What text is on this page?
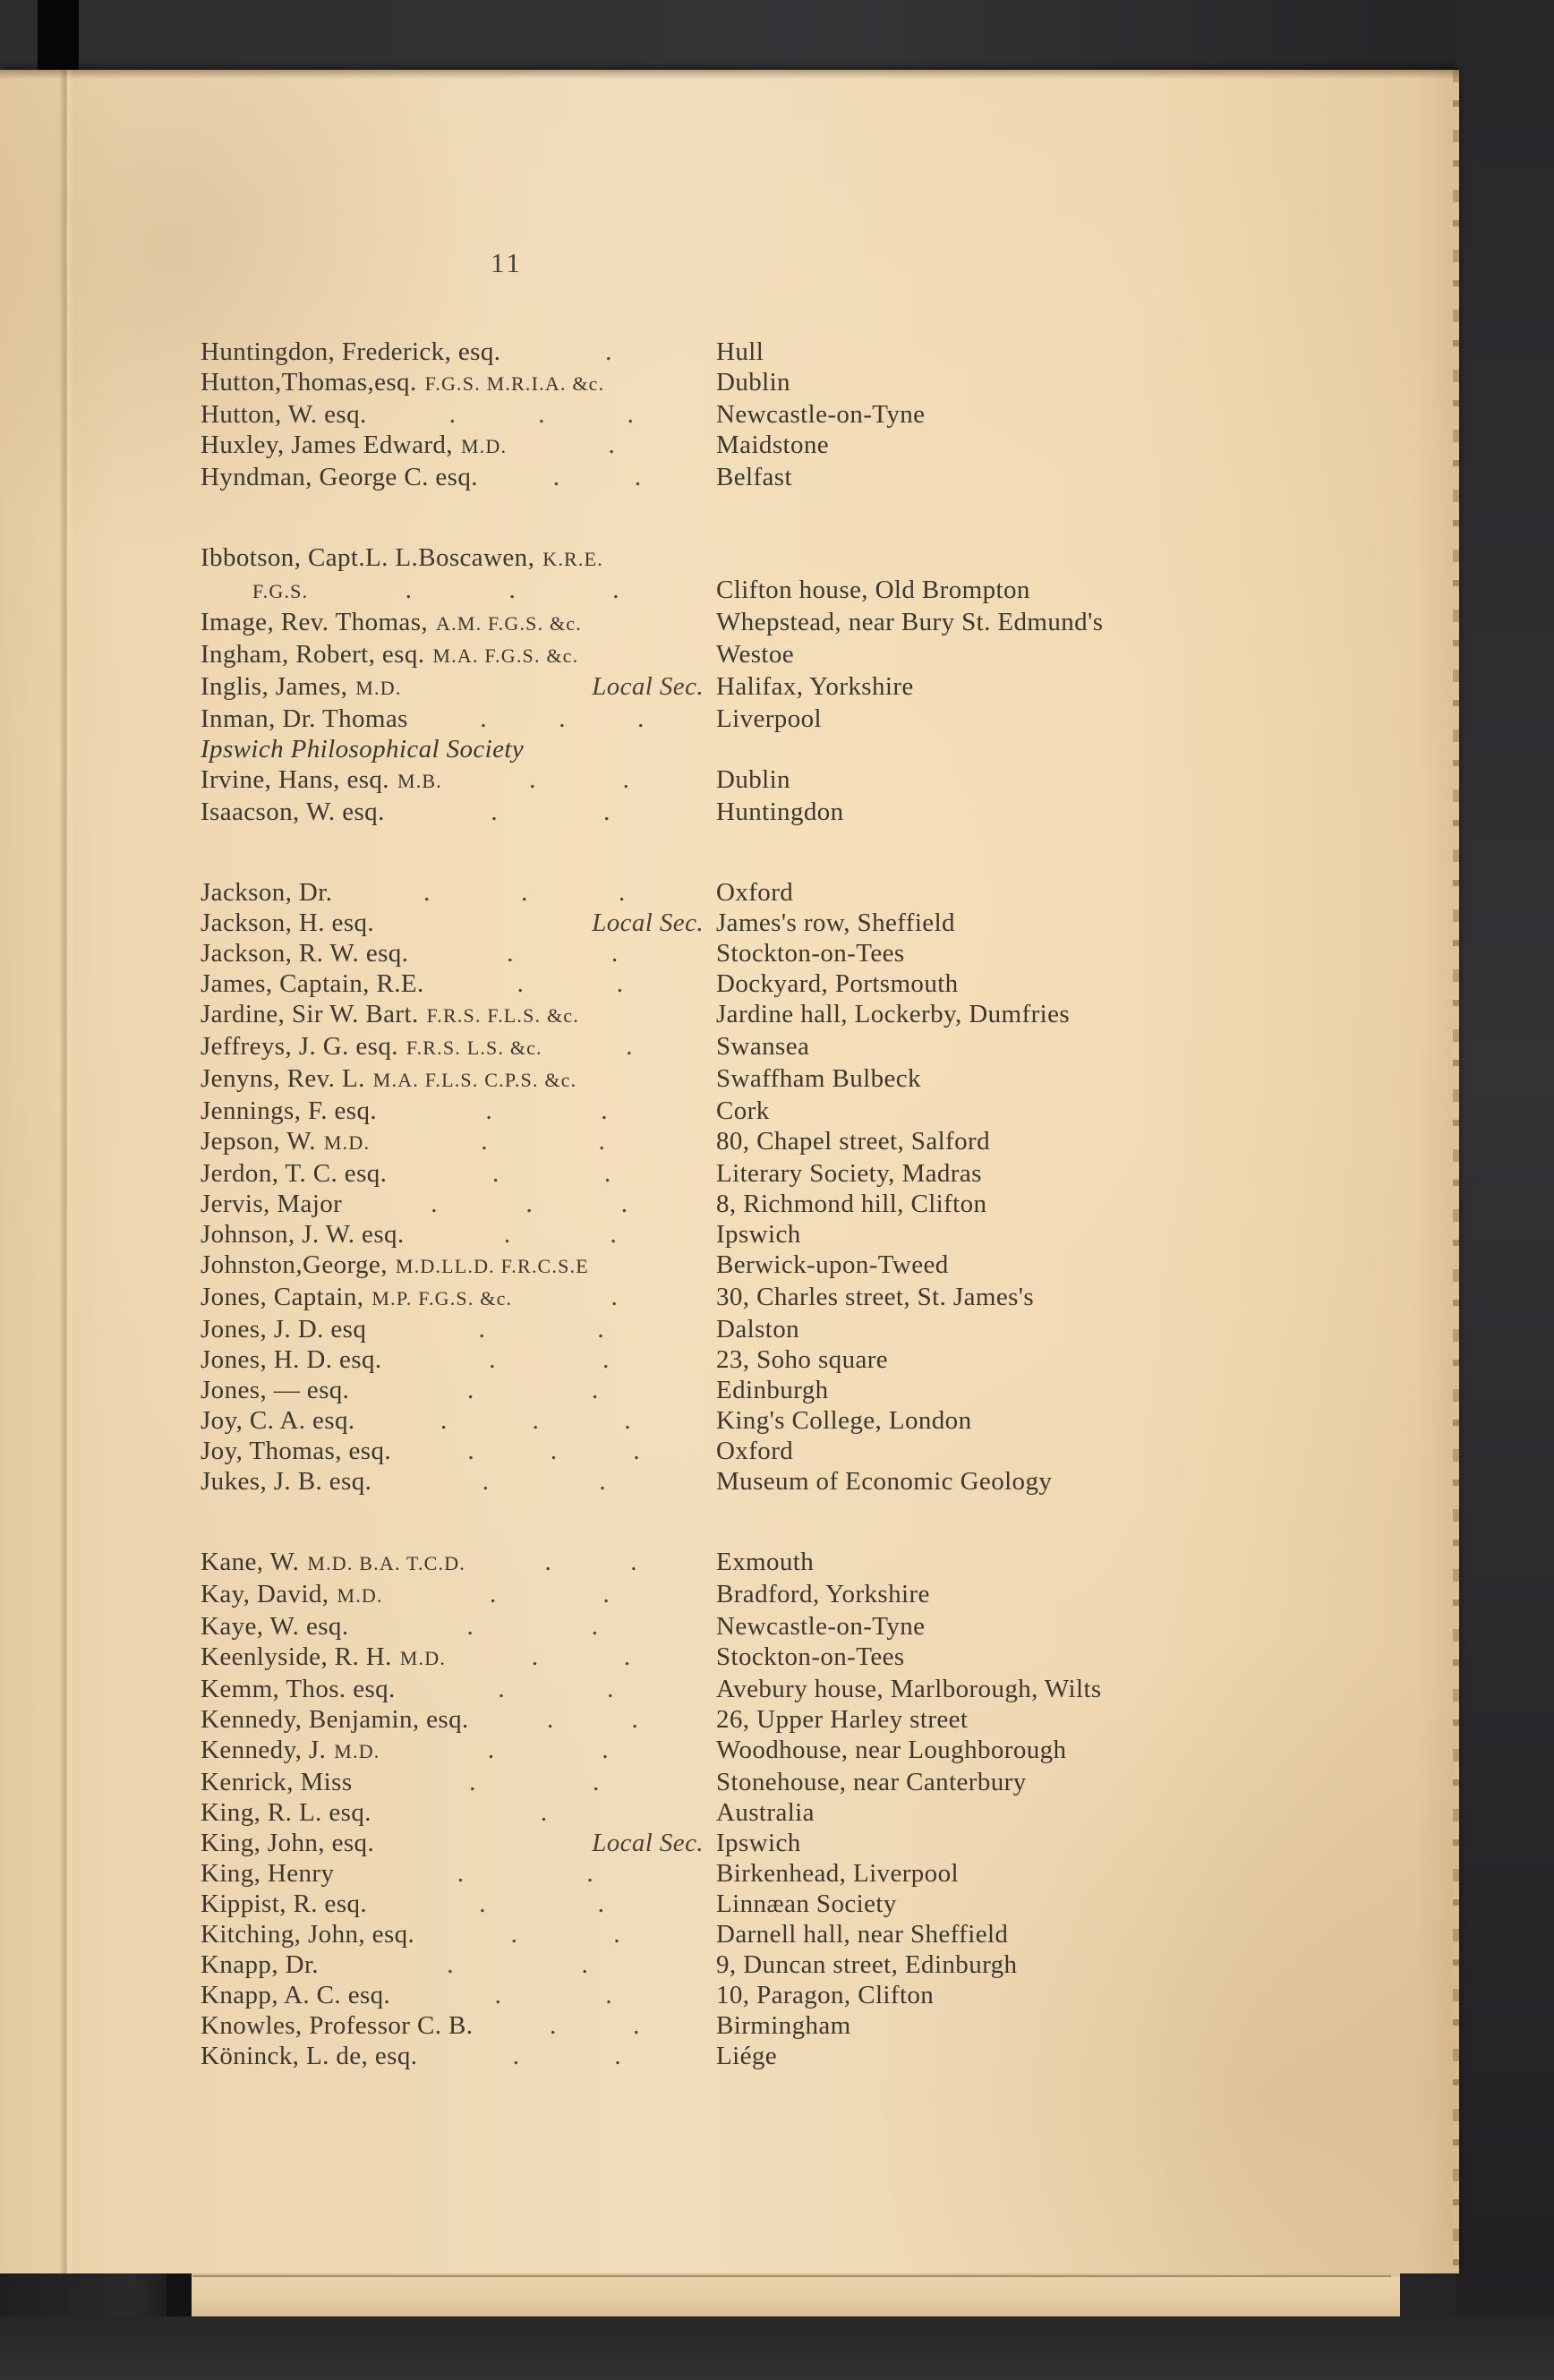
11
Huntingdon, Frederick, esq.	.	Hull
Hutton,Thomas,esq. F.G.S. M.R.I.A. &c.	Dublin
Hutton, W. esq.	.	.	.	Newcastle-on-Tyne
Huxley, James Edward, M.D.	.	Maidstone
Hyndman, George C. esq.	.	.	Belfast
Ibbotson, Capt.L. L.Boscawen, K.R.E.
F.G.S.	.	.	.	Clifton house, Old Brompton
Image, Rev. Thomas, A.M. F.G.S. &c.	Whepstead, near Bury St. Edmund's
Ingham, Robert, esq. M.A. F.G.S. &c.	Westoe
Inglis, James, M.D.	Local Sec. Halifax, Yorkshire
Inman, Dr. Thomas	.	.	.	Liverpool
Ipswich Philosophical Society
Irvine, Hans, esq. M.B.	.	.	Dublin
Isaacson, W. esq.	.	.	Huntingdon
Jackson, Dr.	.	.	.	Oxford
Jackson, H. esq.	Local Sec. James's row, Sheffield
Jackson, R. W. esq.	.	.	Stockton-on-Tees
James, Captain, R.E.	.	.	Dockyard, Portsmouth
Jardine, Sir W. Bart. F.R.S. F.L.S. &c.	Jardine hall, Lockerby, Dumfries
Jeffreys, J. G. esq. F.R.S. L.S. &c.	.	Swansea
Jenyns, Rev. L. M.A. F.L.S. C.P.S. &c.	Swaffham Bulbeck
Jennings, F. esq.	.	.	Cork
Jepson, W. M.D.	.	.	80, Chapel street, Salford
Jerdon, T. C. esq.	.	.	Literary Society, Madras
Jervis, Major	.	.	.	8, Richmond hill, Clifton
Johnson, J. W. esq.	.	.	Ipswich
Johnston,George, M.D.LL.D. F.R.C.S.E	Berwick-upon-Tweed
Jones, Captain, M.P. F.G.S. &c.	.	30, Charles street, St. James's
Jones, J. D. esq	.	.	Dalston
Jones, H. D. esq.	.	.	23, Soho square
Jones, — esq.	.	.	Edinburgh
Joy, C. A. esq.	.	.	.	King's College, London
Joy, Thomas, esq.	.	.	.	Oxford
Jukes, J. B. esq.	.	.	Museum of Economic Geology
Kane, W. M.D. B.A. T.C.D.	.	.	Exmouth
Kay, David, M.D.	.	.	Bradford, Yorkshire
Kaye, W. esq.	.	.	Newcastle-on-Tyne
Keenlyside, R. H. M.D.	.	.	Stockton-on-Tees
Kemm, Thos. esq.	.	.	Avebury house, Marlborough, Wilts
Kennedy, Benjamin, esq.	.	.	26, Upper Harley street
Kennedy, J. M.D.	.	.	Woodhouse, near Loughborough
Kenrick, Miss	.	.	Stonehouse, near Canterbury
King, R. L. esq.	.	Australia
King, John, esq.	Local Sec. Ipswich
King, Henry	.	.	Birkenhead, Liverpool
Kippist, R. esq.	.	.	Linnæan Society
Kitching, John, esq.	.	.	Darnell hall, near Sheffield
Knapp, Dr.	.	.	9, Duncan street, Edinburgh
Knapp, A. C. esq.	.	.	10, Paragon, Clifton
Knowles, Professor C. B.	.	.	Birmingham
Köninck, L. de, esq.	.	.	Liége
